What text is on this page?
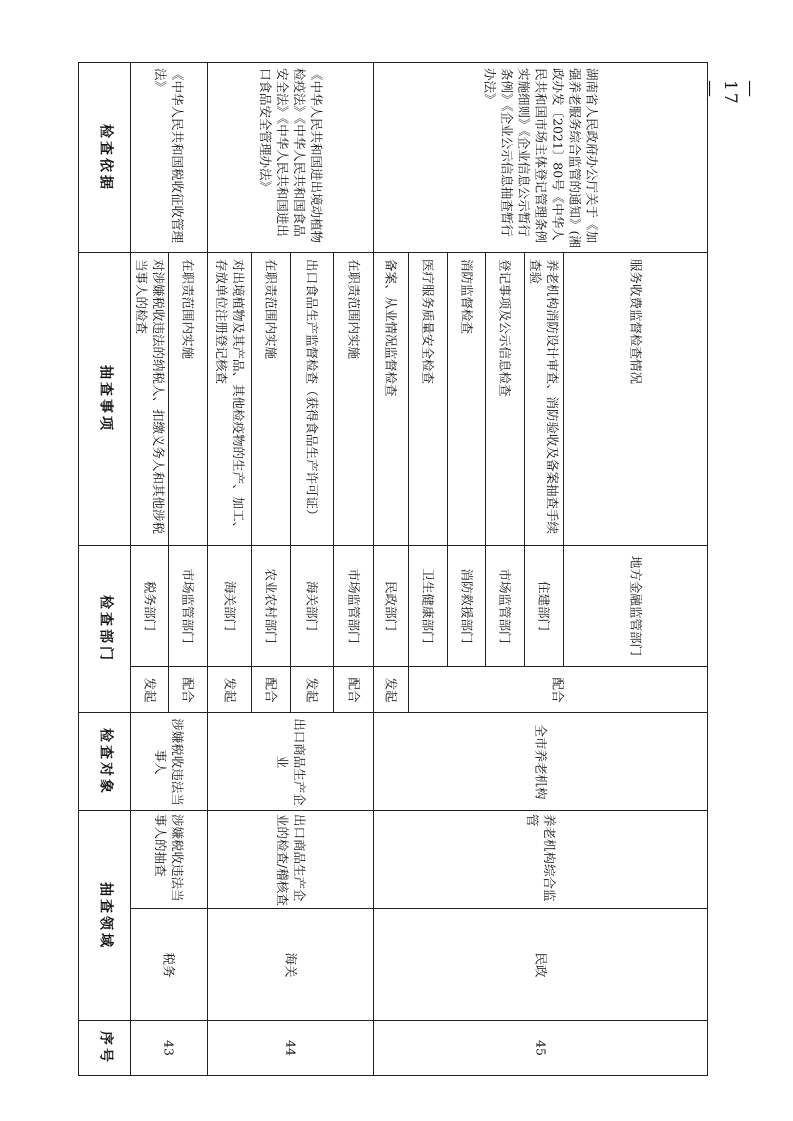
序号
抽查领域
检查对象
检查部门
抽查事项
检查依据
43
税务
涉嫌税收违法当事人的抽查
涉嫌税收违法当事人
《中华人民共和国税收征收管理法》
发起 配合
税务部门
对涉嫌税收违法的纳税人、扣缴义务人和其他涉税当事人的检查
市场监管部门
在职责范围内实施
44
海关
出口商品生产企业的检查/稽核查
出口商品生产企业
《中华人民共和国进出境动植物检疫法》《中华人民共和国食品安全法》《中华人民共和国进出口食品安全管理办法》
发起 配合 发起 配合
海关部门
对出境植物及其产品、其他检疫物的生产、加工、存放单位注册登记核查
农业农村部门
在职责范围内实施
海关部门
出口食品生产监督检查（获得食品生产许可证）
市场监管部门
在职责范围内实施
45
民政
养老机构综合监管
全市养老机构
湖南省人民政府办公厅关于《加强养老服务综合监管的通知》(湘政办发〔2021〕80号《中华人民共和国市场主体登记管理条例实施细则》《企业信息公示暂行条例》《企业公示信息抽查暂行办法》
发起	配合
民政部门
备案、从业情况监督检查
卫生健康部门
医疗服务质量安全检查
消防救援部门
消防监督检查
市场监管部门
登记事项及公示信息检查
住建部门
养老机构消防设计审查、消防验收及备案抽查手续查验
地方金融监管部门
服务收费监督检查情况
— 17 —
